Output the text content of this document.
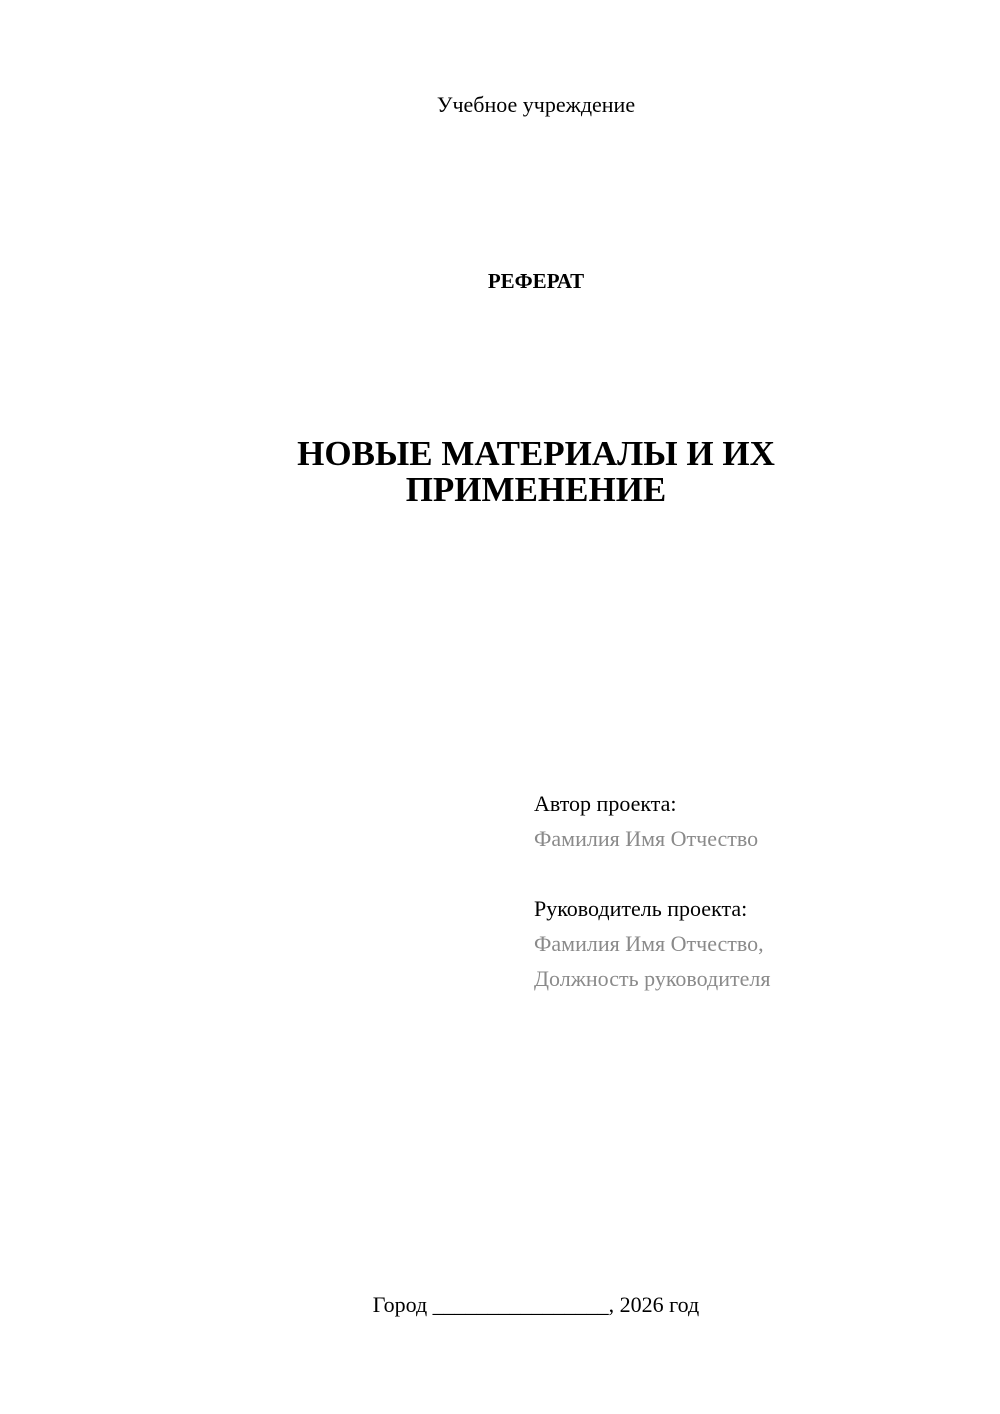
Учебное учреждение
РЕФЕРАТ
НОВЫЕ МАТЕРИАЛЫ И ИХ
ПРИМЕНЕНИЕ
Автор проекта:
Фамилия Имя Отчество
Руководитель проекта:
Фамилия Имя Отчество,
Должность руководителя
Город ________________, 2026 год
